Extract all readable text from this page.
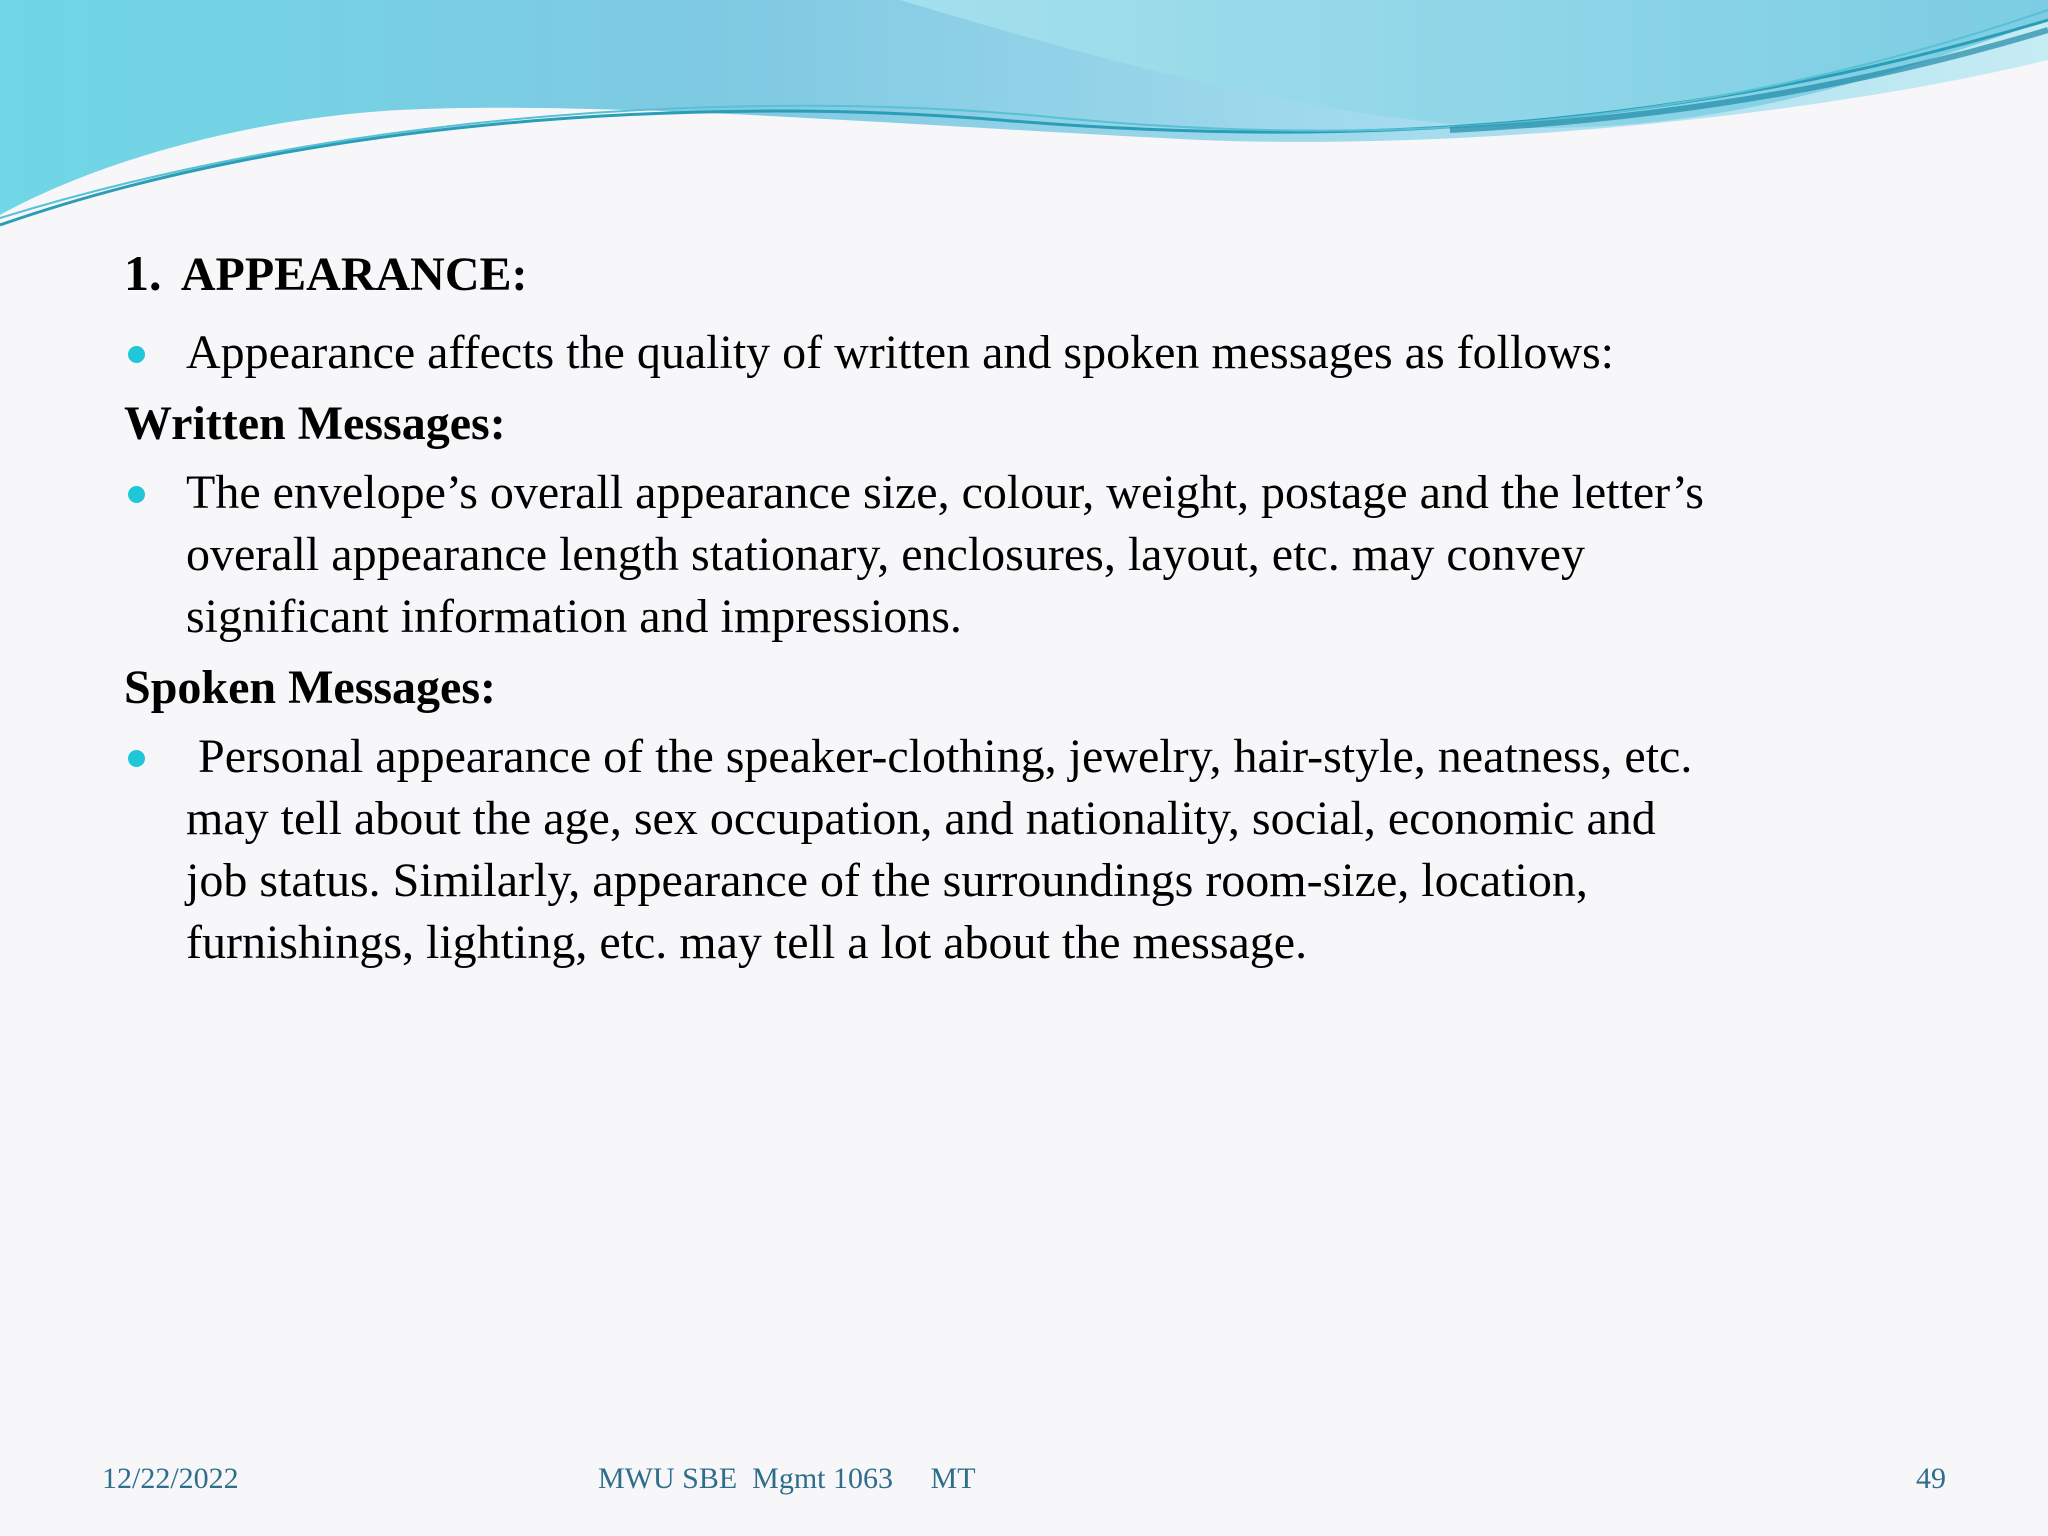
1. APPEARANCE:
Appearance affects the quality of written and spoken messages as follows:
Written Messages:
The envelope’s overall appearance size, colour, weight, postage and the letter’s
overall appearance length stationary, enclosures, layout, etc. may convey
significant information and impressions.
Spoken Messages:
Personal appearance of the speaker-clothing, jewelry, hair-style, neatness, etc.
may tell about the age, sex occupation, and nationality, social, economic and
job status. Similarly, appearance of the surroundings room-size, location,
furnishings, lighting, etc. may tell a lot about the message.
12/22/2022	MWU SBE  Mgmt 1063     MT	49
